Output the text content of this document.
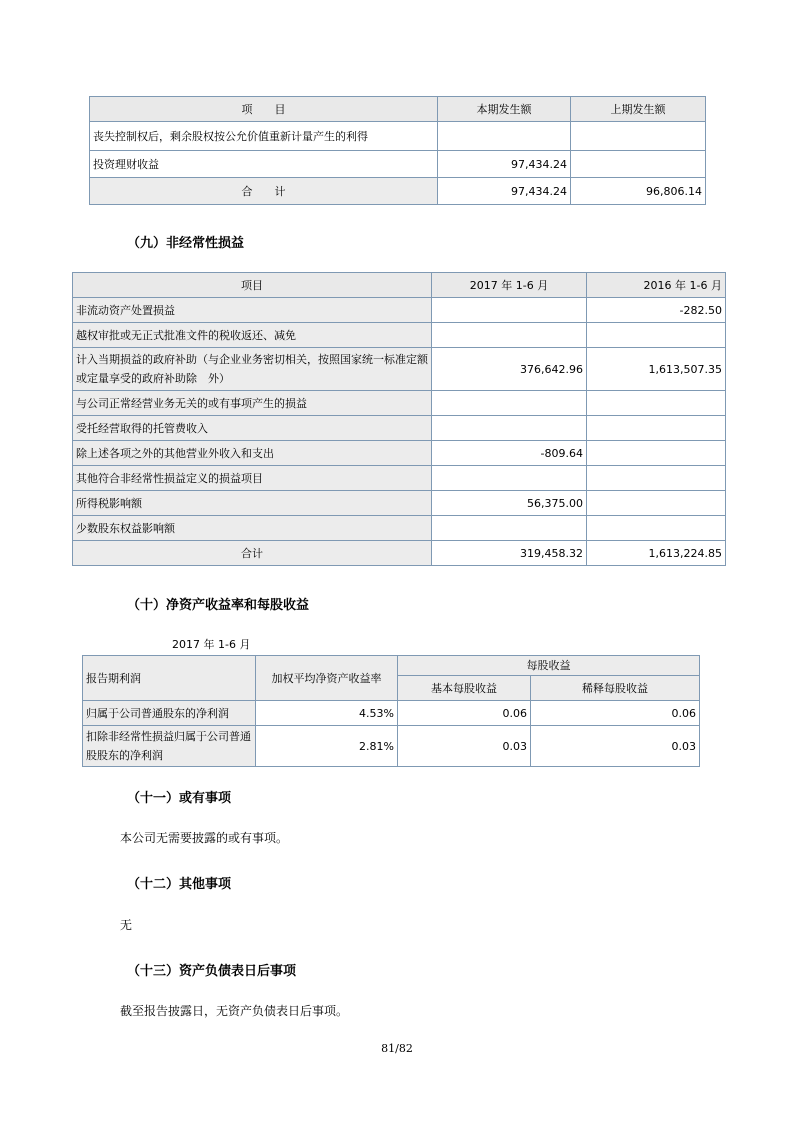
项　　目	本期发生额	上期发生额
丧失控制权后，剩余股权按公允价值重新计量产生的利得		
投资理财收益	97,434.24	
合　　计	97,434.24	96,806.14
（九）非经常性损益
项目	2017 年 1-6 月	2016 年 1-6 月
非流动资产处置损益		-282.50
越权审批或无正式批准文件的税收返还、减免		
计入当期损益的政府补助（与企业业务密切相关，按照国家统一标准定额或定量享受的政府补助除　外）	376,642.96	1,613,507.35
与公司正常经营业务无关的或有事项产生的损益		
受托经营取得的托管费收入		
除上述各项之外的其他营业外收入和支出	-809.64	
其他符合非经常性损益定义的损益项目		
所得税影响额	56,375.00	
少数股东权益影响额		
合计	319,458.32	1,613,224.85
（十）净资产收益率和每股收益
2017 年 1-6 月
报告期利润	加权平均净资产收益率	每股收益	
		基本每股收益	稀释每股收益
归属于公司普通股东的净利润	4.53%	0.06	0.06
扣除非经常性损益归属于公司普通股股东的净利润	2.81%	0.03	0.03
（十一）或有事项
本公司无需要披露的或有事项。
（十二）其他事项
无
（十三）资产负债表日后事项
截至报告披露日，无资产负债表日后事项。
81/82
